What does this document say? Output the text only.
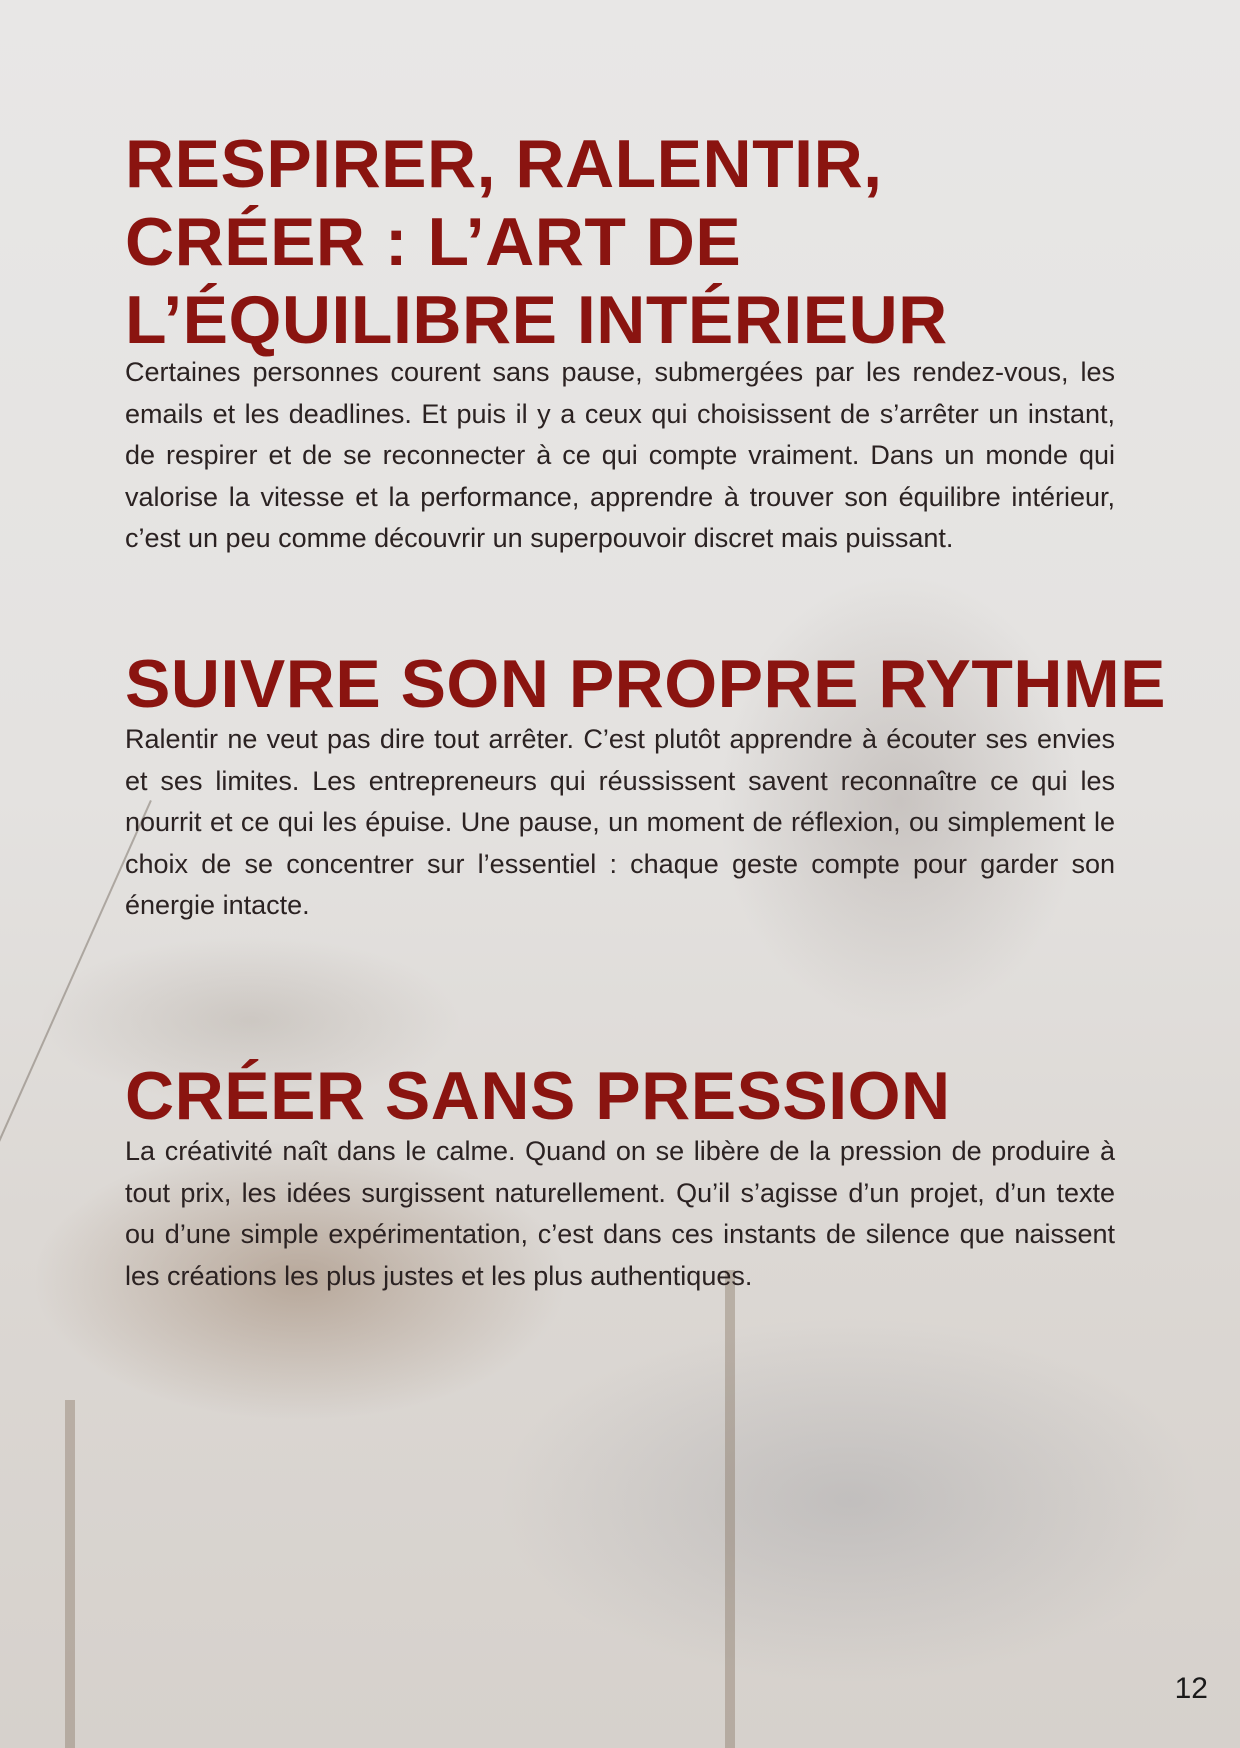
RESPIRER, RALENTIR, CRÉER : L’ART DE L’ÉQUILIBRE INTÉRIEUR

Certaines personnes courent sans pause, submergées par les rendez-vous, les emails et les deadlines. Et puis il y a ceux qui choisissent de s’arrêter un instant, de respirer et de se reconnecter à ce qui compte vraiment. Dans un monde qui valorise la vitesse et la performance, apprendre à trouver son équilibre intérieur, c’est un peu comme découvrir un superpouvoir discret mais puissant.

SUIVRE SON PROPRE RYTHME

Ralentir ne veut pas dire tout arrêter. C’est plutôt apprendre à écouter ses envies et ses limites. Les entrepreneurs qui réussissent savent reconnaître ce qui les nourrit et ce qui les épuise. Une pause, un moment de réflexion, ou simplement le choix de se concentrer sur l’essentiel : chaque geste compte pour garder son énergie intacte.

CRÉER SANS PRESSION

La créativité naît dans le calme. Quand on se libère de la pression de produire à tout prix, les idées surgissent naturellement. Qu’il s’agisse d’un projet, d’un texte ou d’une simple expérimentation, c’est dans ces instants de silence que naissent les créations les plus justes et les plus authentiques.

12
